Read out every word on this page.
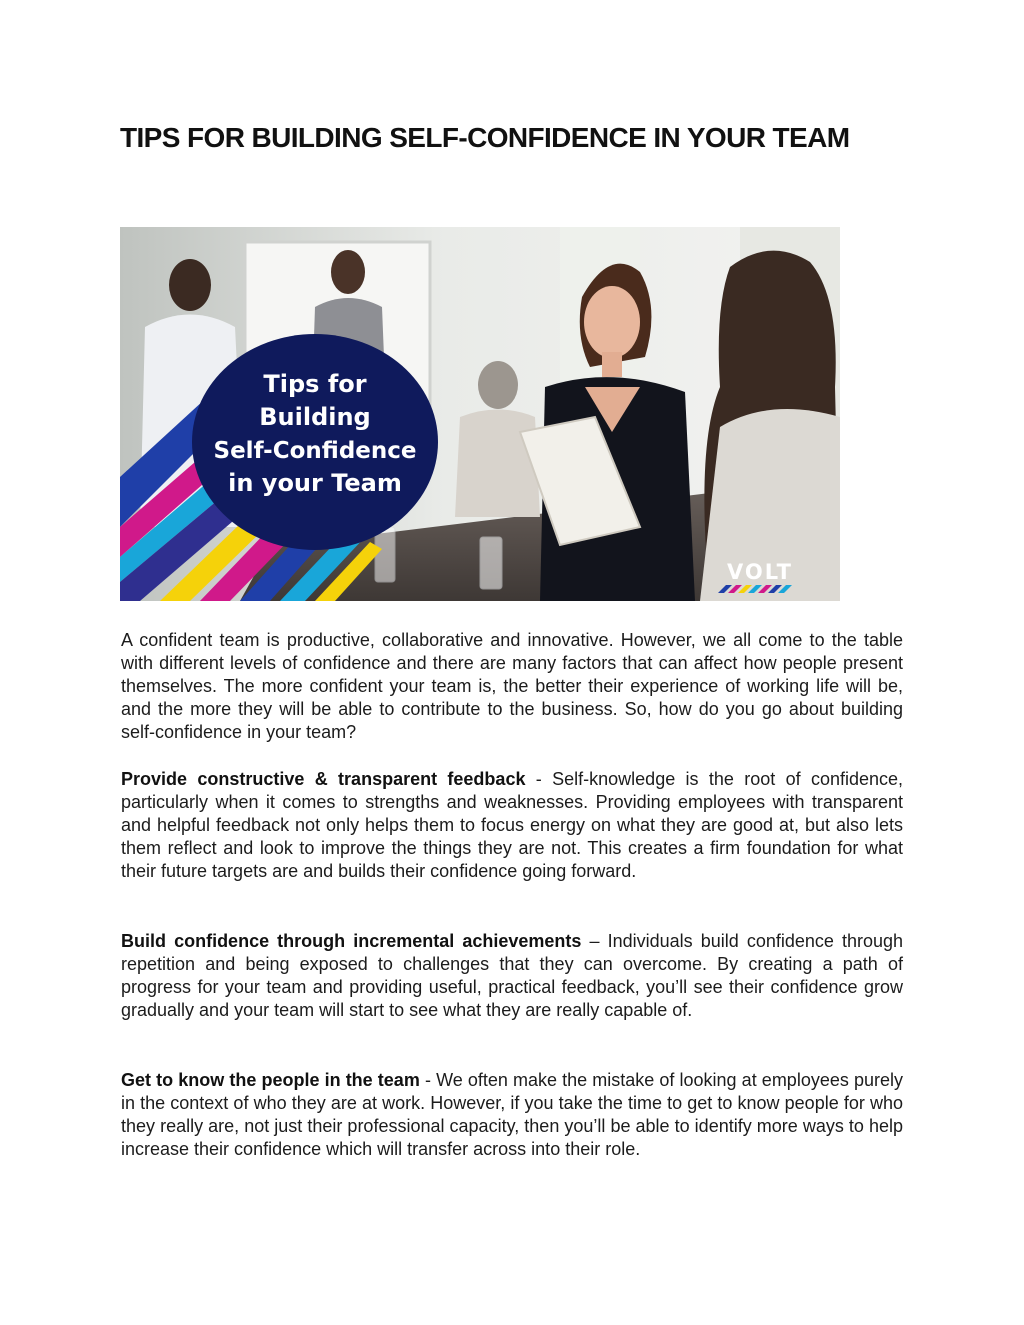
TIPS FOR BUILDING SELF-CONFIDENCE IN YOUR TEAM
Tips for
Building
Self-Confidence
in your Team
VOLT

A confident team is productive, collaborative and innovative. However, we all come to the table with different levels of confidence and there are many factors that can affect how people present themselves. The more confident your team is, the better their experience of working life will be, and the more they will be able to contribute to the business. So, how do you go about building self-confidence in your team?

Provide constructive & transparent feedback - Self-knowledge is the root of confidence, particularly when it comes to strengths and weaknesses. Providing employees with transparent and helpful feedback not only helps them to focus energy on what they are good at, but also lets them reflect and look to improve the things they are not. This creates a firm foundation for what their future targets are and builds their confidence going forward.

Build confidence through incremental achievements – Individuals build confidence through repetition and being exposed to challenges that they can overcome. By creating a path of progress for your team and providing useful, practical feedback, you’ll see their confidence grow gradually and your team will start to see what they are really capable of.

Get to know the people in the team - We often make the mistake of looking at employees purely in the context of who they are at work. However, if you take the time to get to know people for who they really are, not just their professional capacity, then you’ll be able to identify more ways to help increase their confidence which will transfer across into their role.
